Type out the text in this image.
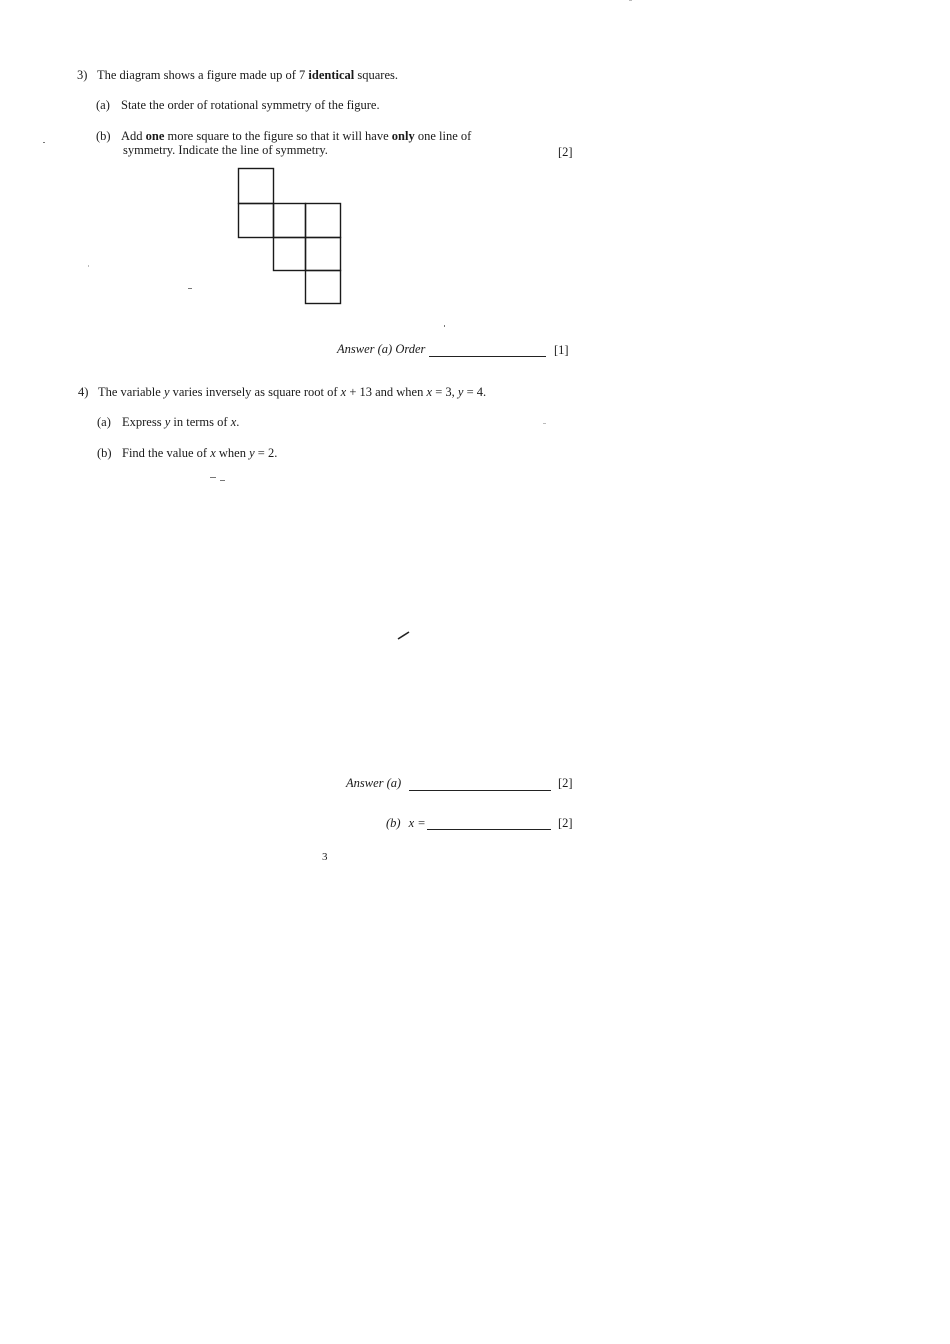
3) The diagram shows a figure made up of 7 identical squares.
(a) State the order of rotational symmetry of the figure.
(b) Add one more square to the figure so that it will have only one line of
symmetry. Indicate the line of symmetry.	[2]
Answer (a) Order	[1]
4) The variable y varies inversely as square root of x + 13 and when x = 3, y = 4.
(a) Express y in terms of x.
(b) Find the value of x when y = 2.
Answer (a)	[2]
(b) x =	[2]
3
